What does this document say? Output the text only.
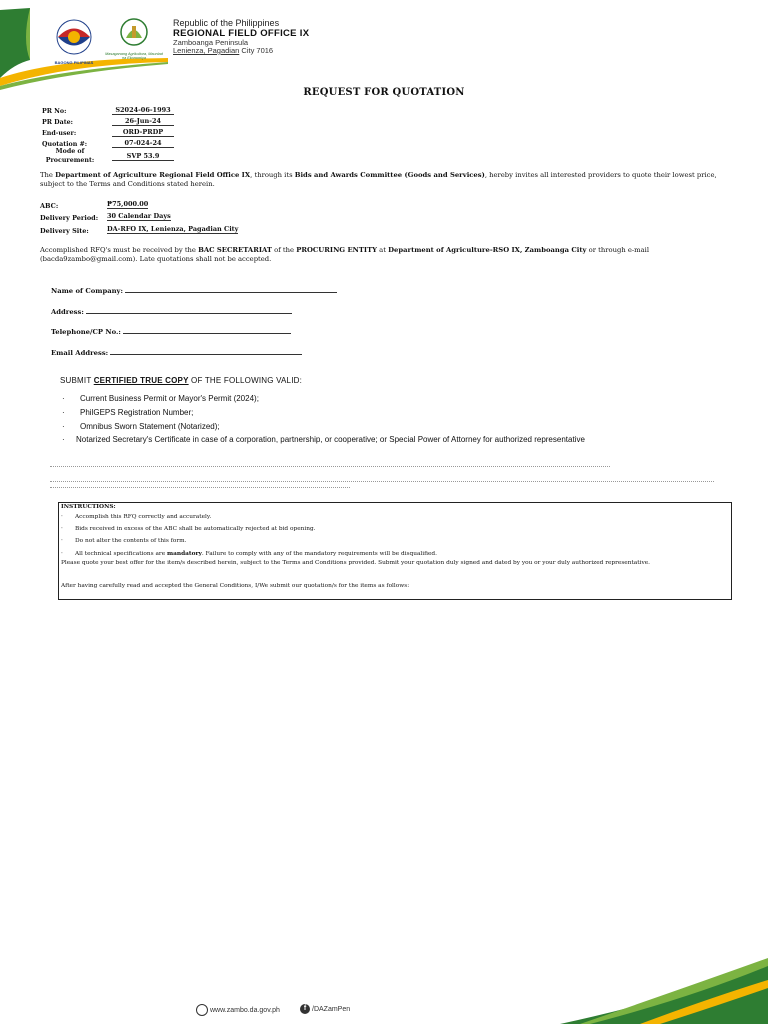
BAGONG PILIPINAS
Masaganang Agrikultura, Maunlad na Ekonomiya
Republic of the Philippines
REGIONAL FIELD OFFICE IX
Zamboanga Peninsula
Lenienza, Pagadian City 7016
REQUEST FOR QUOTATION
PR No:	S2024-06-1993
PR Date:	26-Jun-24
End-user:	ORD-PRDP
Quotation #:	07-024-24
Mode of Procurement:	SVP 53.9
The Department of Agriculture Regional Field Office IX, through its Bids and Awards Committee (Goods and Services), hereby invites all interested providers to quote their lowest price, subject to the Terms and Conditions stated herein.
ABC:	₱75,000.00
Delivery Period: 30 Calendar Days
Delivery Site:	DA-RFO IX, Lenienza, Pagadian City
Accomplished RFQ's must be received by the BAC SECRETARIAT of the PROCURING ENTITY at Department of Agriculture-RSO IX, Zamboanga City or through e-mail (bacda9zambo@gmail.com). Late quotations shall not be accepted.
Name of Company:
Address:
Telephone/CP No.:
Email Address:
SUBMIT CERTIFIED TRUE COPY OF THE FOLLOWING VALID:
· Current Business Permit or Mayor's Permit (2024);
· PhilGEPS Registration Number;
· Omnibus Sworn Statement (Notarized);
· Notarized Secretary's Certificate in case of a corporation, partnership, or cooperative; or Special Power of Attorney for authorized representative
INSTRUCTIONS:
· Accomplish this RFQ correctly and accurately.
· Bids received in excess of the ABC shall be automatically rejected at bid opening.
· Do not alter the contents of this form.
· All technical specifications are mandatory. Failure to comply with any of the mandatory requirements will be disqualified.
Please quote your best offer for the item/s described herein, subject to the Terms and Conditions provided. Submit your quotation duly signed and dated by you or your duly authorized representative.
After having carefully read and accepted the General Conditions, I/We submit our quotation/s for the items as follows:
www.zambo.da.gov.ph	f /DAZamPen
